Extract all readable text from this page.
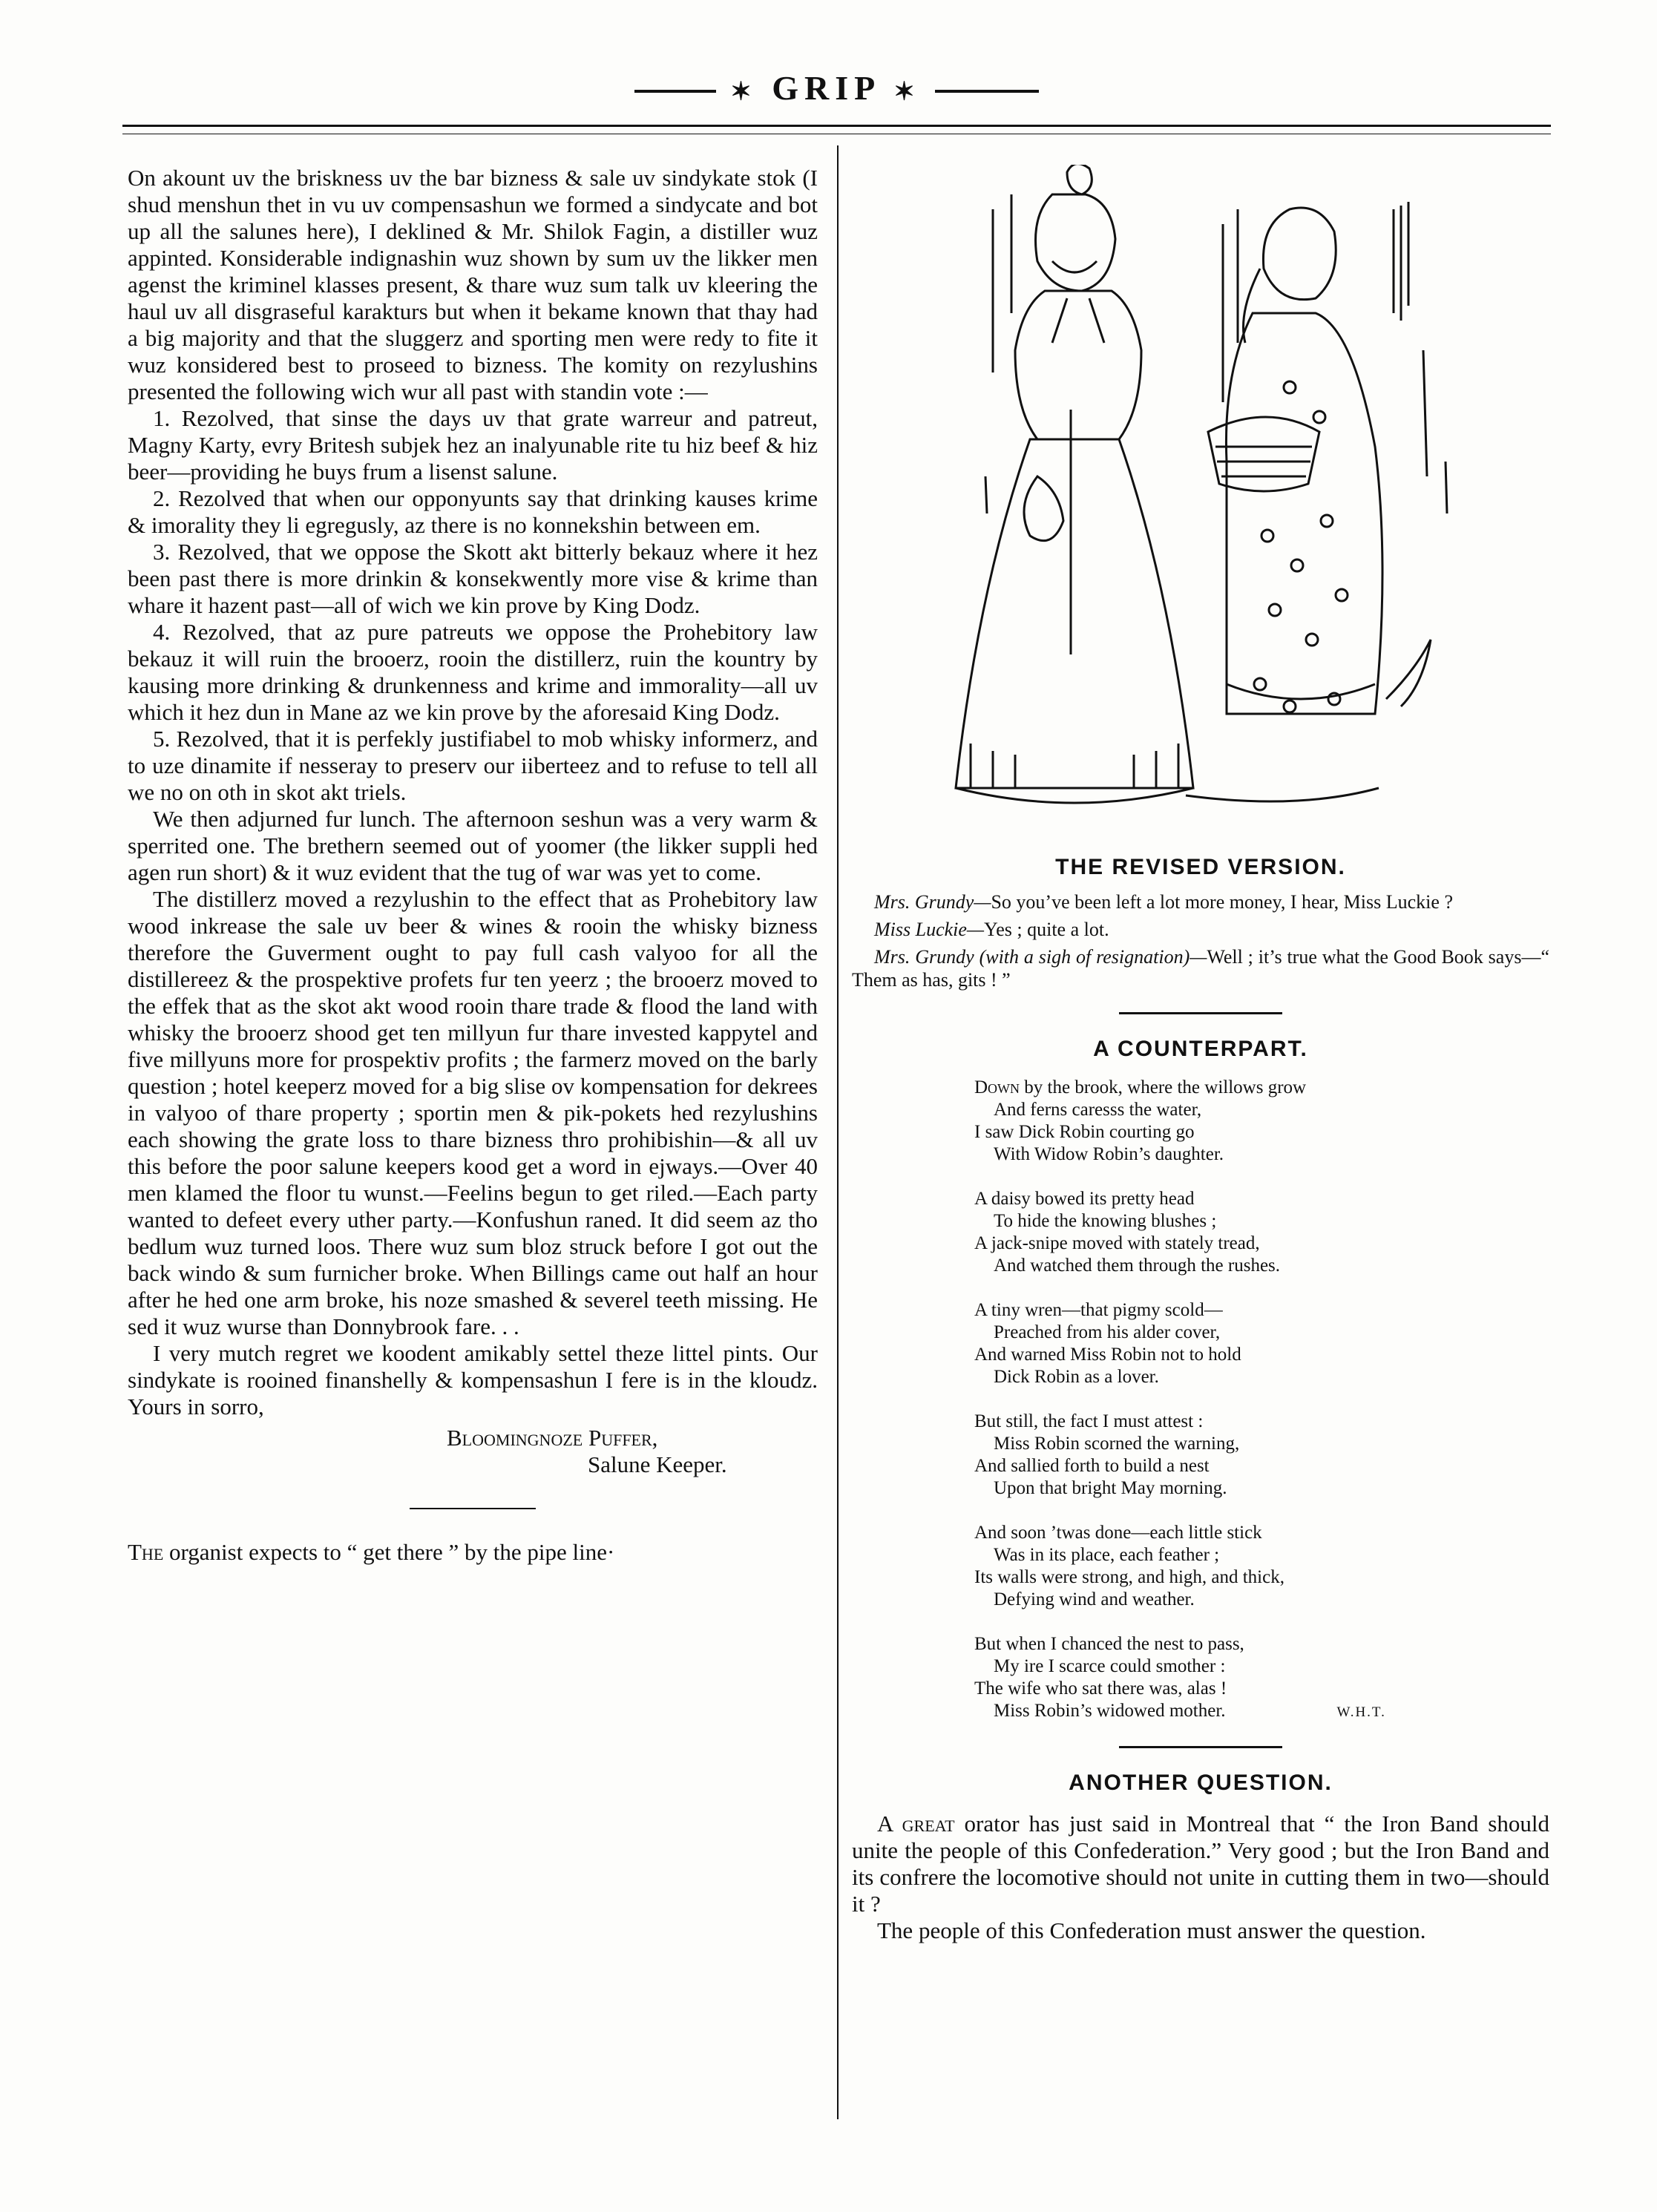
✶ GRIP ✶

On akount uv the briskness uv the bar bizness & sale uv sindykate stok (I shud menshun thet in vu uv compensashun we formed a sindycate and bot up all the salunes here), I deklined & Mr. Shilok Fagin, a distiller wuz appinted. Konsiderable indignashin wuz shown by sum uv the likker men agenst the kriminel klasses present, & thare wuz sum talk uv kleering the haul uv all disgraseful karakturs but when it bekame known that thay had a big majority and that the sluggerz and sporting men were redy to fite it wuz konsidered best to proseed to bizness. The komity on rezylushins presented the following wich wur all past with standin vote :—

1. Rezolved, that sinse the days uv that grate warreur and patreut, Magny Karty, evry Britesh subjek hez an inalyunable rite tu hiz beef & hiz beer—providing he buys frum a lisenst salune.

2. Rezolved that when our opponyunts say that drinking kauses krime & imorality they li egregusly, az there is no konnekshin between em.

3. Rezolved, that we oppose the Skott akt bitterly bekauz where it hez been past there is more drinkin & konsekwently more vise & krime than whare it hazent past—all of wich we kin prove by King Dodz.

4. Rezolved, that az pure patreuts we oppose the Prohebitory law bekauz it will ruin the brooerz, rooin the distillerz, ruin the kountry by kausing more drinking & drunkenness and krime and immorality—all uv which it hez dun in Mane az we kin prove by the aforesaid King Dodz.

5. Rezolved, that it is perfekly justifiabel to mob whisky informerz, and to uze dinamite if nesseray to preserv our iiberteez and to refuse to tell all we no on oth in skot akt triels.

We then adjurned fur lunch. The afternoon seshun was a very warm & sperrited one. The brethern seemed out of yoomer (the likker suppli hed agen run short) & it wuz evident that the tug of war was yet to come.

The distillerz moved a rezylushin to the effect that as Prohebitory law wood inkrease the sale uv beer & wines & rooin the whisky bizness therefore the Guverment ought to pay full cash valyoo for all the distillereez & the prospektive profets fur ten yeerz ; the brooerz moved to the effek that as the skot akt wood rooin thare trade & flood the land with whisky the brooerz shood get ten millyun fur thare invested kappytel and five millyuns more for prospektiv profits ; the farmerz moved on the barly question ; hotel keeperz moved for a big slise ov kompensation for dekrees in valyoo of thare property ; sportin men & pik-pokets hed rezylushins each showing the grate loss to thare bizness thro prohibishin—& all uv this before the poor salune keepers kood get a word in ejways.—Over 40 men klamed the floor tu wunst.—Feelins begun to get riled.—Each party wanted to defeet every uther party.—Konfushun raned. It did seem az tho bedlum wuz turned loos. There wuz sum bloz struck before I got out the back windo & sum furnicher broke. When Billings came out half an hour after he hed one arm broke, his noze smashed & severel teeth missing. He sed it wuz wurse than Donnybrook fare. . .

I very mutch regret we koodent amikably settel theze littel pints. Our sindykate is rooined finanshelly & kompensashun I fere is in the kloudz. Yours in sorro,

Bloomingnoze Puffer,

Salune Keeper.

The organist expects to “ get there ” by the pipe line·

THE REVISED VERSION.

Mrs. Grundy—So you’ve been left a lot more money, I hear, Miss Luckie ?

Miss Luckie—Yes ; quite a lot.

Mrs. Grundy (with a sigh of resignation)—Well ; it’s true what the Good Book says—“ Them as has, gits ! ”

A COUNTERPART.
Down by the brook, where the willows grow
And ferns caresss the water,
I saw Dick Robin courting go
With Widow Robin’s daughter.
A daisy bowed its pretty head
To hide the knowing blushes ;
A jack-snipe moved with stately tread,
And watched them through the rushes.
A tiny wren—that pigmy scold—
Preached from his alder cover,
And warned Miss Robin not to hold
Dick Robin as a lover.
But still, the fact I must attest :
Miss Robin scorned the warning,
And sallied forth to build a nest
Upon that bright May morning.
And soon ’twas done—each little stick
Was in its place, each feather ;
Its walls were strong, and high, and thick,
Defying wind and weather.
But when I chanced the nest to pass,
My ire I scarce could smother :
The wife who sat there was, alas !
Miss Robin’s widowed mother.	W.H.T.
ANOTHER QUESTION.

A great orator has just said in Montreal that “ the Iron Band should unite the people of this Confederation.” Very good ; but the Iron Band and its confrere the locomotive should not unite in cutting them in two—should it ?

The people of this Confederation must answer the question.
